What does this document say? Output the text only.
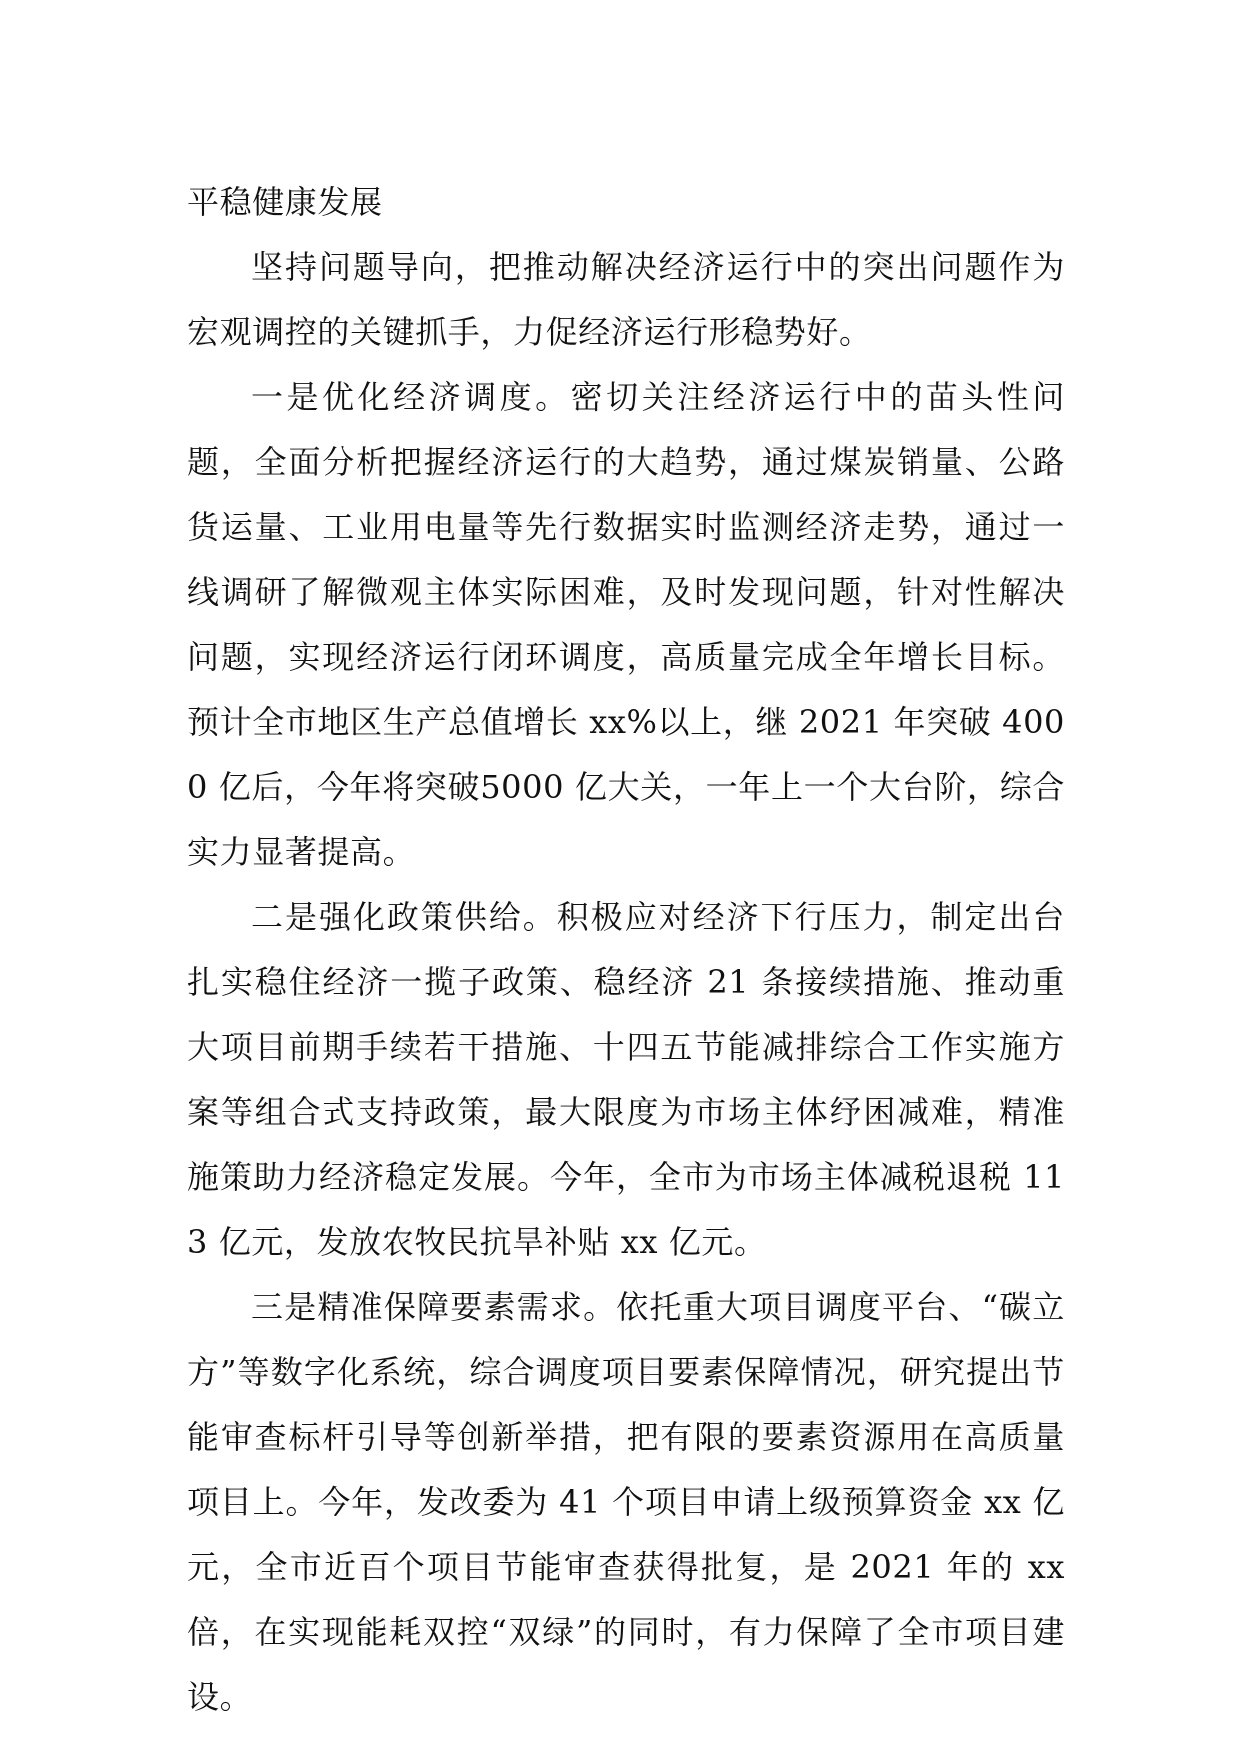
平稳健康发展

坚持问题导向，把推动解决经济运行中的突出问题作为宏观调控的关键抓手，力促经济运行形稳势好。

一是优化经济调度。密切关注经济运行中的苗头性问题，全面分析把握经济运行的大趋势，通过煤炭销量、公路货运量、工业用电量等先行数据实时监测经济走势，通过一线调研了解微观主体实际困难，及时发现问题，针对性解决问题，实现经济运行闭环调度，高质量完成全年增长目标。预计全市地区生产总值增长 xx%以上，继 2021 年突破 4000 亿后，今年将突破5000 亿大关，一年上一个大台阶，综合实力显著提高。

二是强化政策供给。积极应对经济下行压力，制定出台扎实稳住经济一揽子政策、稳经济 21 条接续措施、推动重大项目前期手续若干措施、十四五节能减排综合工作实施方案等组合式支持政策，最大限度为市场主体纾困减难，精准施策助力经济稳定发展。今年，全市为市场主体减税退税 113 亿元，发放农牧民抗旱补贴 xx 亿元。

三是精准保障要素需求。依托重大项目调度平台、“碳立方”等数字化系统，综合调度项目要素保障情况，研究提出节能审查标杆引导等创新举措，把有限的要素资源用在高质量项目上。今年，发改委为 41 个项目申请上级预算资金 xx 亿元，全市近百个项目节能审查获得批复，是 2021 年的 xx 倍，在实现能耗双控“双绿”的同时，有力保障了全市项目建设。
